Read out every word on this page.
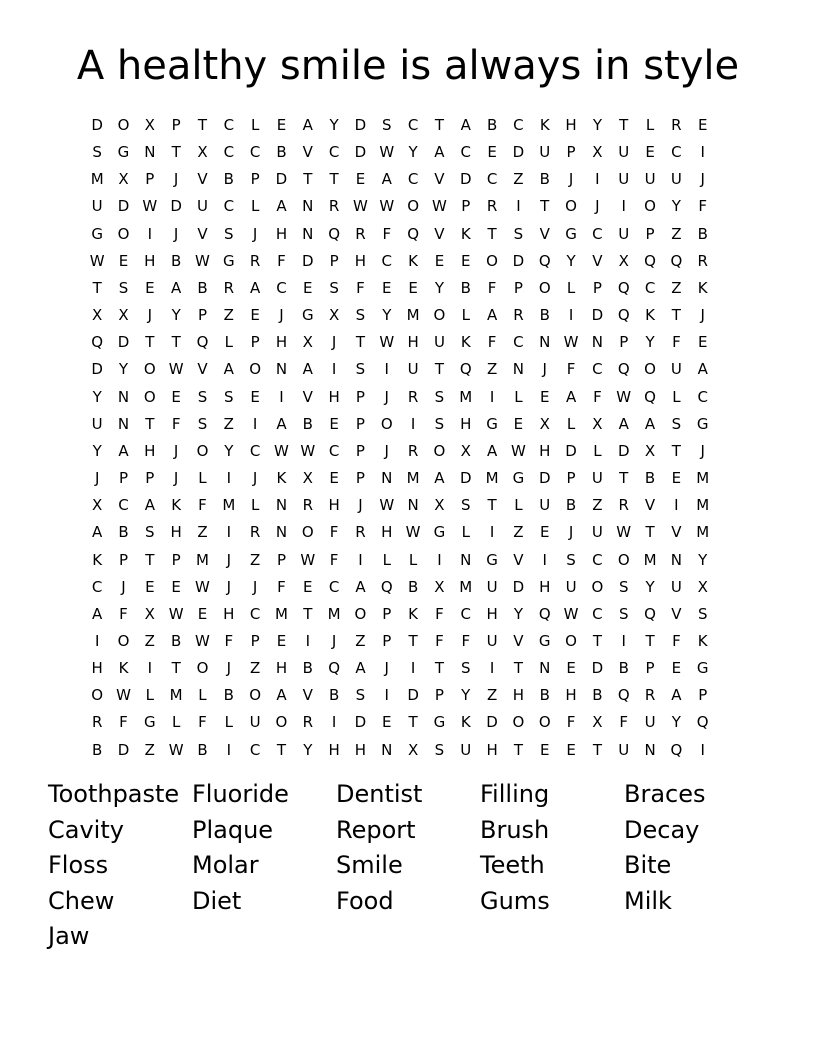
A healthy smile is always in style
D O	X	P	T	C	L	E	A	Y	D	S	C	T	A	B	C	K	H	Y	T	L	R	E
S	G N	T	X	C	C	B	V	C	D W Y	A	C	E	D	U	P	X	U	E	C	I
M X	P	J	V	B	P	D	T	T	E	A	C	V	D	C	Z	B	J	I	U	U	U	J
U	D W D	U	C	L	A	N	R W W O W P	R	I	T	O	J	I	O	Y	F
G O	I	J	V	S	J	H	N Q	R	F	Q	V	K	T	S	V	G	C	U	P	Z	B
W E	H	B W G	R	F	D	P	H	C	K	E	E	O D Q	Y	V	X	Q Q	R
T	S	E	A	B	R	A	C	E	S	F	E	E	Y	B	F	P	O	L	P	Q	C	Z	K
X	X	J	Y	P	Z	E	J	G	X	S	Y	M O	L	A	R	B	I	D Q	K	T	J
Q D	T	T	Q	L	P	H	X	J	T W H	U	K	F	C	N W N	P	Y	F	E
D	Y	O W V	A	O N	A	I	S	I	U	T	Q	Z	N	J	F	C	Q O U	A
Y	N O	E	S	S	E	I	V	H	P	J	R	S	M	I	L	E	A	F W Q	L	C
U	N	T	F	S	Z	I	A	B	E	P	O	I	S	H G	E	X	L	X	A	A	S	G
Y	A	H	J	O	Y	C W W C	P	J	R	O	X	A W H D	L	D	X	T	J
J	P	P	J	L	I	J	K	X	E	P	N M A	D M G D	P	U	T	B	E	M
X	C	A	K	F	M	L	N	R	H	J	W N	X	S	T	L	U	B	Z	R	V	I	M
A	B	S	H	Z	I	R	N O	F	R	H W G	L	I	Z	E	J	U W T	V M
K	P	T	P	M	J	Z	P W F	I	L	L	I	N G	V	I	S	C	O M N	Y
C	J	E	E W	J	J	F	E	C	A	Q	B	X M U	D H	U O	S	Y	U	X
A	F	X W E	H	C M	T	M O	P	K	F	C	H	Y	Q W C	S	Q	V	S
I	O	Z	B W F	P	E	I	J	Z	P	T	F	F	U	V	G O	T	I	T	F	K
H	K	I	T	O	J	Z	H	B	Q	A	J	I	T	S	I	T	N	E	D	B	P	E	G
O W L	M	L	B	O	A	V	B	S	I	D	P	Y	Z	H	B	H	B	Q	R	A	P
R	F	G	L	F	L	U O	R	I	D	E	T	G	K	D O O	F	X	F	U	Y	Q
B	D	Z W B	I	C	T	Y	H	H	N	X	S	U	H	T	E	E	T	U	N Q	I
Toothpaste Fluoride	Dentist	Filling	Braces
Cavity	Plaque	Report	Brush	Decay
Floss	Molar	Smile	Teeth	Bite
Chew	Diet	Food	Gums	Milk
Jaw
